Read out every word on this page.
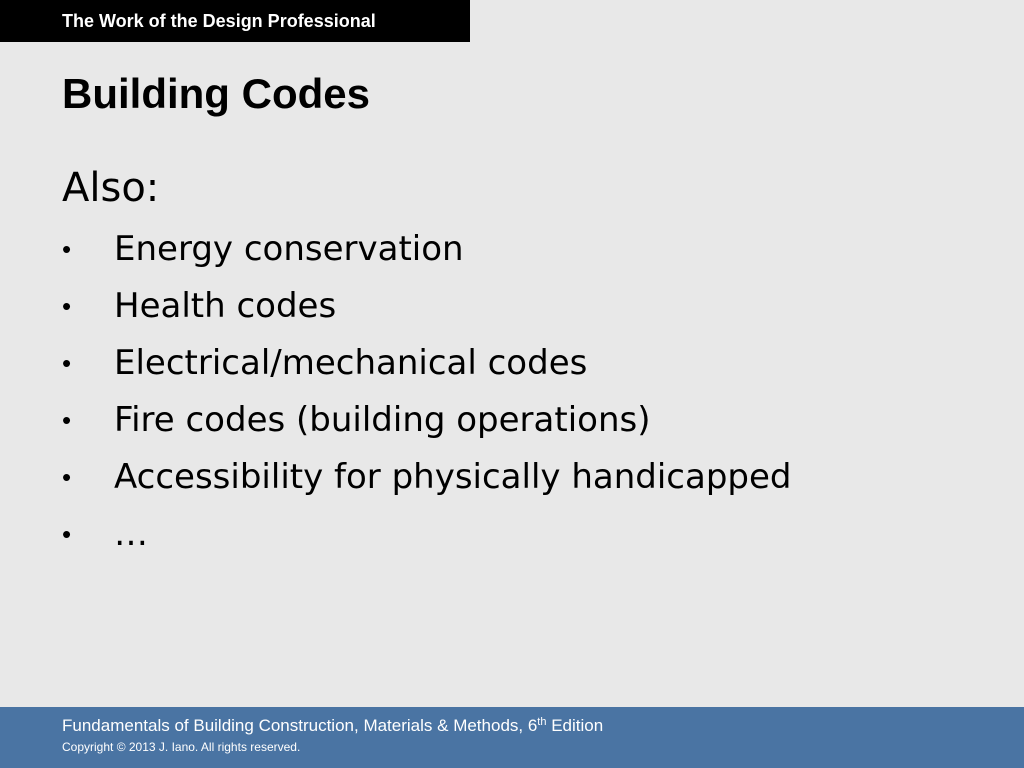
The Work of the Design Professional
Building Codes
Also:
• Energy conservation
• Health codes
• Electrical/mechanical codes
• Fire codes (building operations)
• Accessibility for physically handicapped
• …
Fundamentals of Building Construction, Materials & Methods, 6th Edition
Copyright © 2013 J. Iano. All rights reserved.
